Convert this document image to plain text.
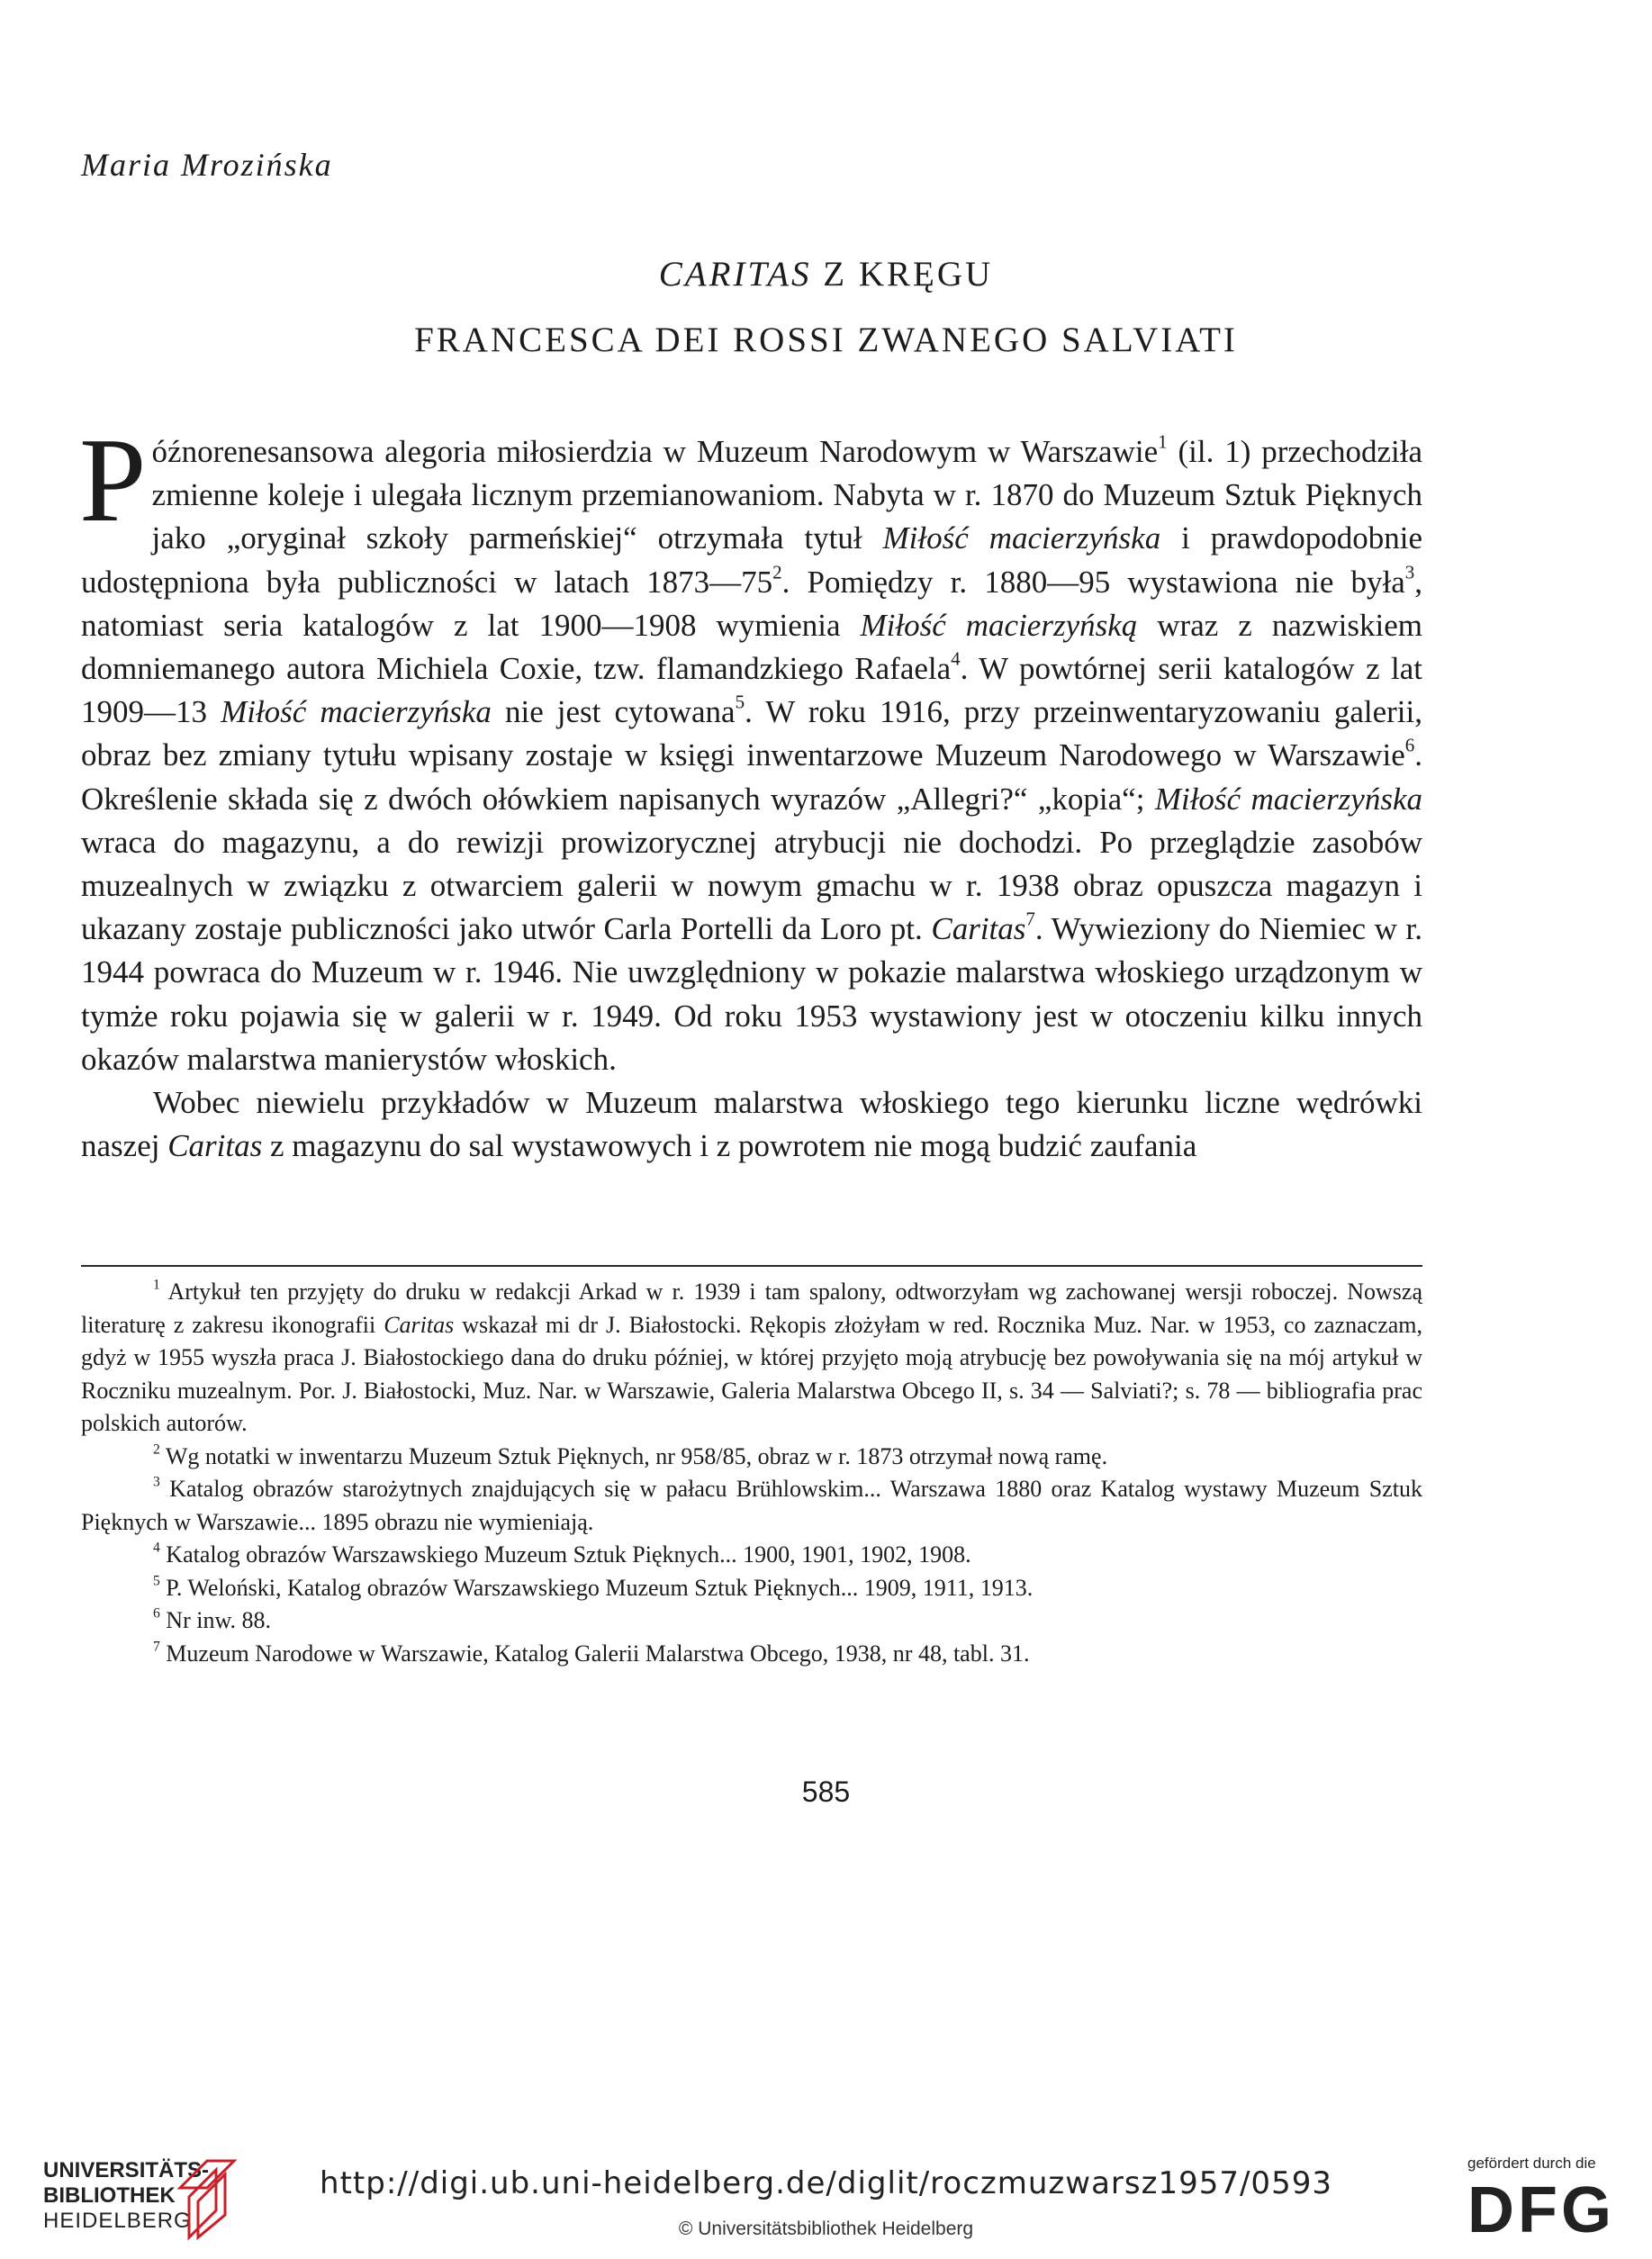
Maria Mrozińska
CARITAS Z KRĘGU
FRANCESCA DEI ROSSI ZWANEGO SALVIATI
Późnorenesansowa alegoria miłosierdzia w Muzeum Narodowym w Warszawie$^1$ (il. 1) przechodziła zmienne koleje i ulegała licznym przemianowaniom. Nabyta w r. 1870 do Muzeum Sztuk Pięknych jako „oryginał szkoły parmeńskiej“ otrzymała tytuł Miłość macierzyńska i prawdopodobnie udostępniona była publiczności w latach $1873—75^2$. Pomiędzy r. 1880—95 wystawiona nie była$^3$, natomiast seria katalogów z lat 1900—1908 wymienia Miłość macierzyńską wraz z nazwiskiem domniemanego autora Michiela Coxie, tzw. flamandzkiego Rafaela$^4$. W powtórnej serii katalogów z lat 1909—13 Miłość macierzyńska nie jest cytowana$^5$. W roku 1916, przy przeinwentaryzowaniu galerii, obraz bez zmiany tytułu wpisany zostaje w księgi inwentarzowe Muzeum Narodowego w Warszawie$^6$. Określenie składa się z dwóch ołówkiem napisanych wyrazów „Allegri?“ „kopia“; Miłość macierzyńska wraca do magazynu, a do rewizji prowizorycznej atrybucji nie dochodzi. Po przeglądzie zasobów muzealnych w związku z otwarciem galerii w nowym gmachu w r. 1938 obraz opuszcza magazyn i ukazany zostaje publiczności jako utwór Carla Portelli da Loro pt. Caritas$^7$. Wywieziony do Niemiec w r. 1944 powraca do Muzeum w r. 1946. Nie uwzględniony w pokazie malarstwa włoskiego urządzonym w tymże roku pojawia się w galerii w r. 1949. Od roku 1953 wystawiony jest w otoczeniu kilku innych okazów malarstwa manierystów włoskich.
Wobec niewielu przykładów w Muzeum malarstwa włoskiego tego kierunku liczne wędrówki naszej Caritas z magazynu do sal wystawowych i z powrotem nie mogą budzić zaufania
$^1$ Artykuł ten przyjęty do druku w redakcji Arkad w r. 1939 i tam spalony, odtworzyłam wg zachowanej wersji roboczej. Nowszą literaturę z zakresu ikonografii Caritas wskazał mi dr J. Białostocki. Rękopis złożyłam w red. Rocznika Muz. Nar. w 1953, co zaznaczam, gdyż w 1955 wyszła praca J. Białostockiego dana do druku później, w której przyjęto moją atrybucję bez powoływania się na mój artykuł w Roczniku muzealnym. Por. J. Białostocki, Muz. Nar. w Warszawie, Galeria Malarstwa Obcego II, s. 34 — Salviati?; s. 78 — bibliografia prac polskich autorów.
$^2$ Wg notatki w inwentarzu Muzeum Sztuk Pięknych, nr 958/85, obraz w r. 1873 otrzymał nową ramę.
$^3$ Katalog obrazów starożytnych znajdujących się w pałacu Brühlowskim... Warszawa 1880 oraz Katalog wystawy Muzeum Sztuk Pięknych w Warszawie... 1895 obrazu nie wymieniają.
$^4$ Katalog obrazów Warszawskiego Muzeum Sztuk Pięknych... 1900, 1901, 1902, 1908.
$^5$ P. Weloński, Katalog obrazów Warszawskiego Muzeum Sztuk Pięknych... 1909, 1911, 1913.
$^6$ Nr inw. 88.
$^7$ Muzeum Narodowe w Warszawie, Katalog Galerii Malarstwa Obcego, 1938, nr 48, tabl. 31.
585
UNIVERSITÄTS-
BIBLIOTHEK
HEIDELBERG
http://digi.ub.uni-heidelberg.de/diglit/roczmuzwarsz1957/0593
© Universitätsbibliothek Heidelberg
gefördert durch die
DFG
